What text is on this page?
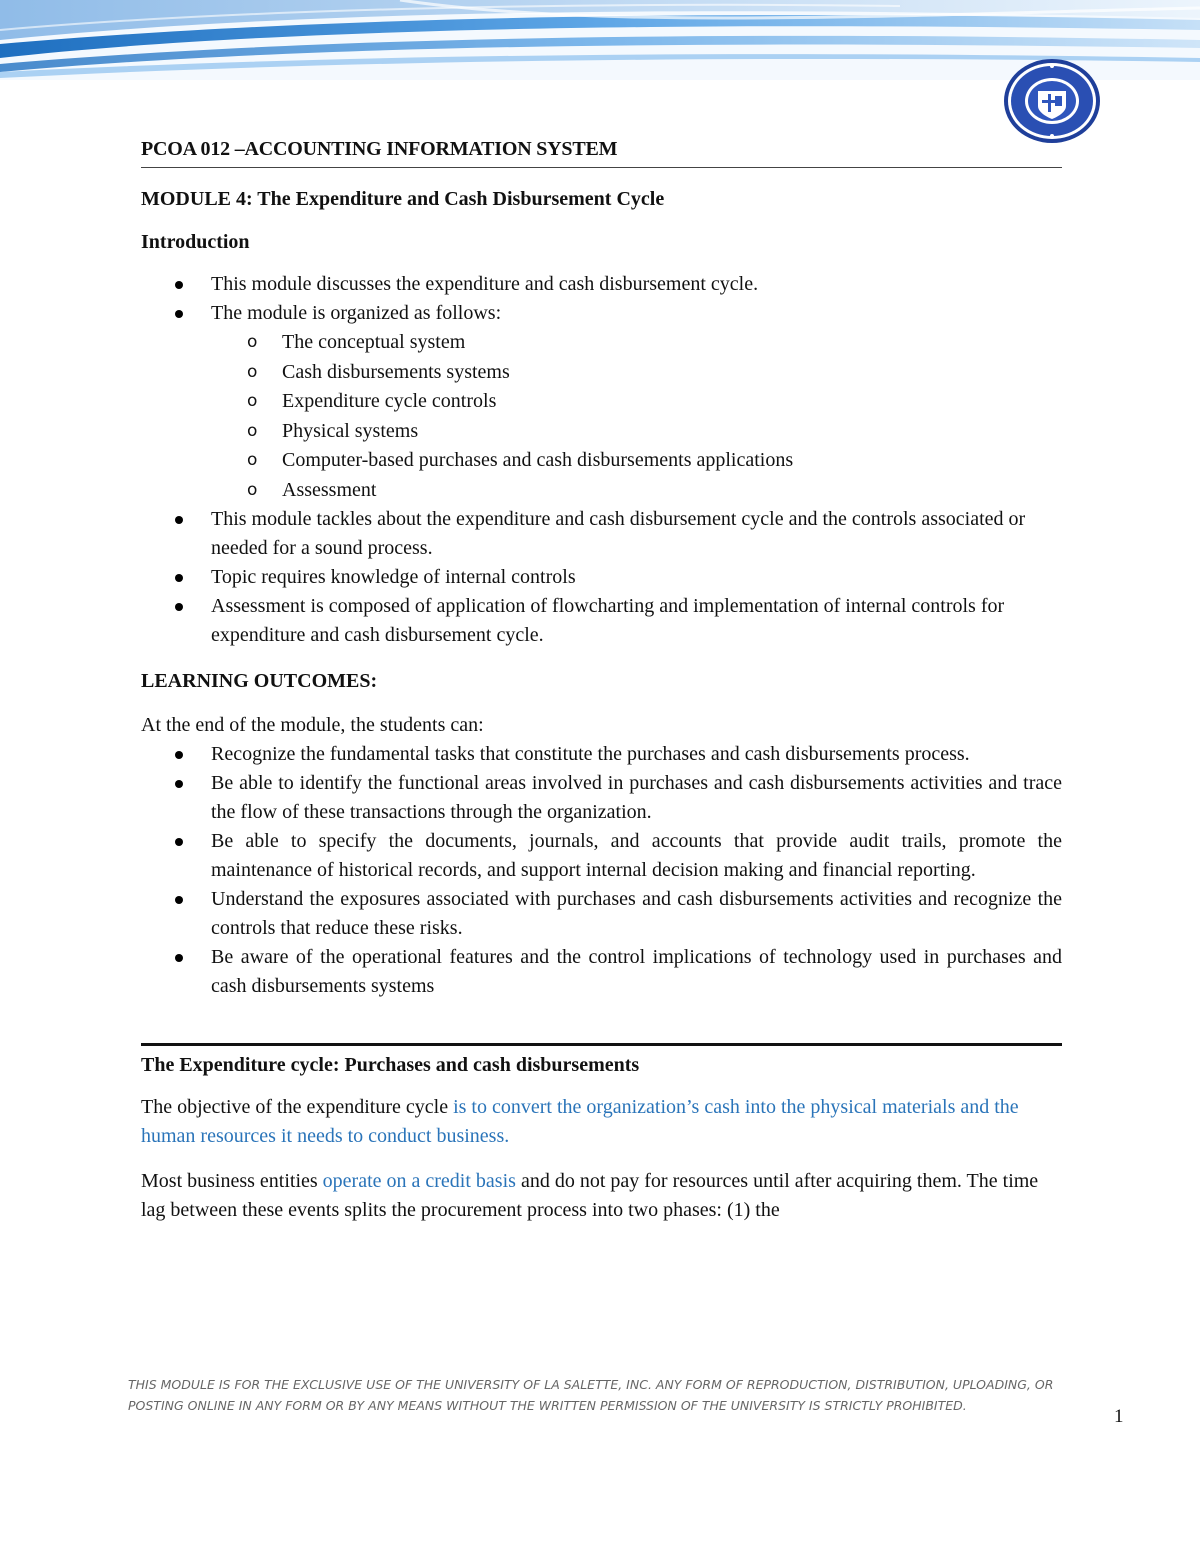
PCOA 012 –ACCOUNTING INFORMATION SYSTEM
MODULE 4: The Expenditure and Cash Disbursement Cycle
Introduction
This module discusses the expenditure and cash disbursement cycle.
The module is organized as follows:
o The conceptual system
o Cash disbursements systems
o Expenditure cycle controls
o Physical systems
o Computer-based purchases and cash disbursements applications
o Assessment
This module tackles about the expenditure and cash disbursement cycle and the controls associated or needed for a sound process.
Topic requires knowledge of internal controls
Assessment is composed of application of flowcharting and implementation of internal controls for expenditure and cash disbursement cycle.
LEARNING OUTCOMES:

At the end of the module, the students can:

Recognize the fundamental tasks that constitute the purchases and cash disbursements process.
Be able to identify the functional areas involved in purchases and cash disbursements activities and trace the flow of these transactions through the organization.
Be able to specify the documents, journals, and accounts that provide audit trails, promote the maintenance of historical records, and support internal decision making and financial reporting.
Understand the exposures associated with purchases and cash disbursements activities and recognize the controls that reduce these risks.
Be aware of the operational features and the control implications of technology used in purchases and cash disbursements systems
The Expenditure cycle: Purchases and cash disbursements

The objective of the expenditure cycle is to convert the organization’s cash into the physical materials and the human resources it needs to conduct business.

Most business entities operate on a credit basis and do not pay for resources until after acquiring them. The time lag between these events splits the procurement process into two phases: (1) the

THIS MODULE IS FOR THE EXCLUSIVE USE OF THE UNIVERSITY OF LA SALETTE, INC. ANY FORM OF REPRODUCTION, DISTRIBUTION, UPLOADING, OR POSTING ONLINE IN ANY FORM OR BY ANY MEANS WITHOUT THE WRITTEN PERMISSION OF THE UNIVERSITY IS STRICTLY PROHIBITED.
1
